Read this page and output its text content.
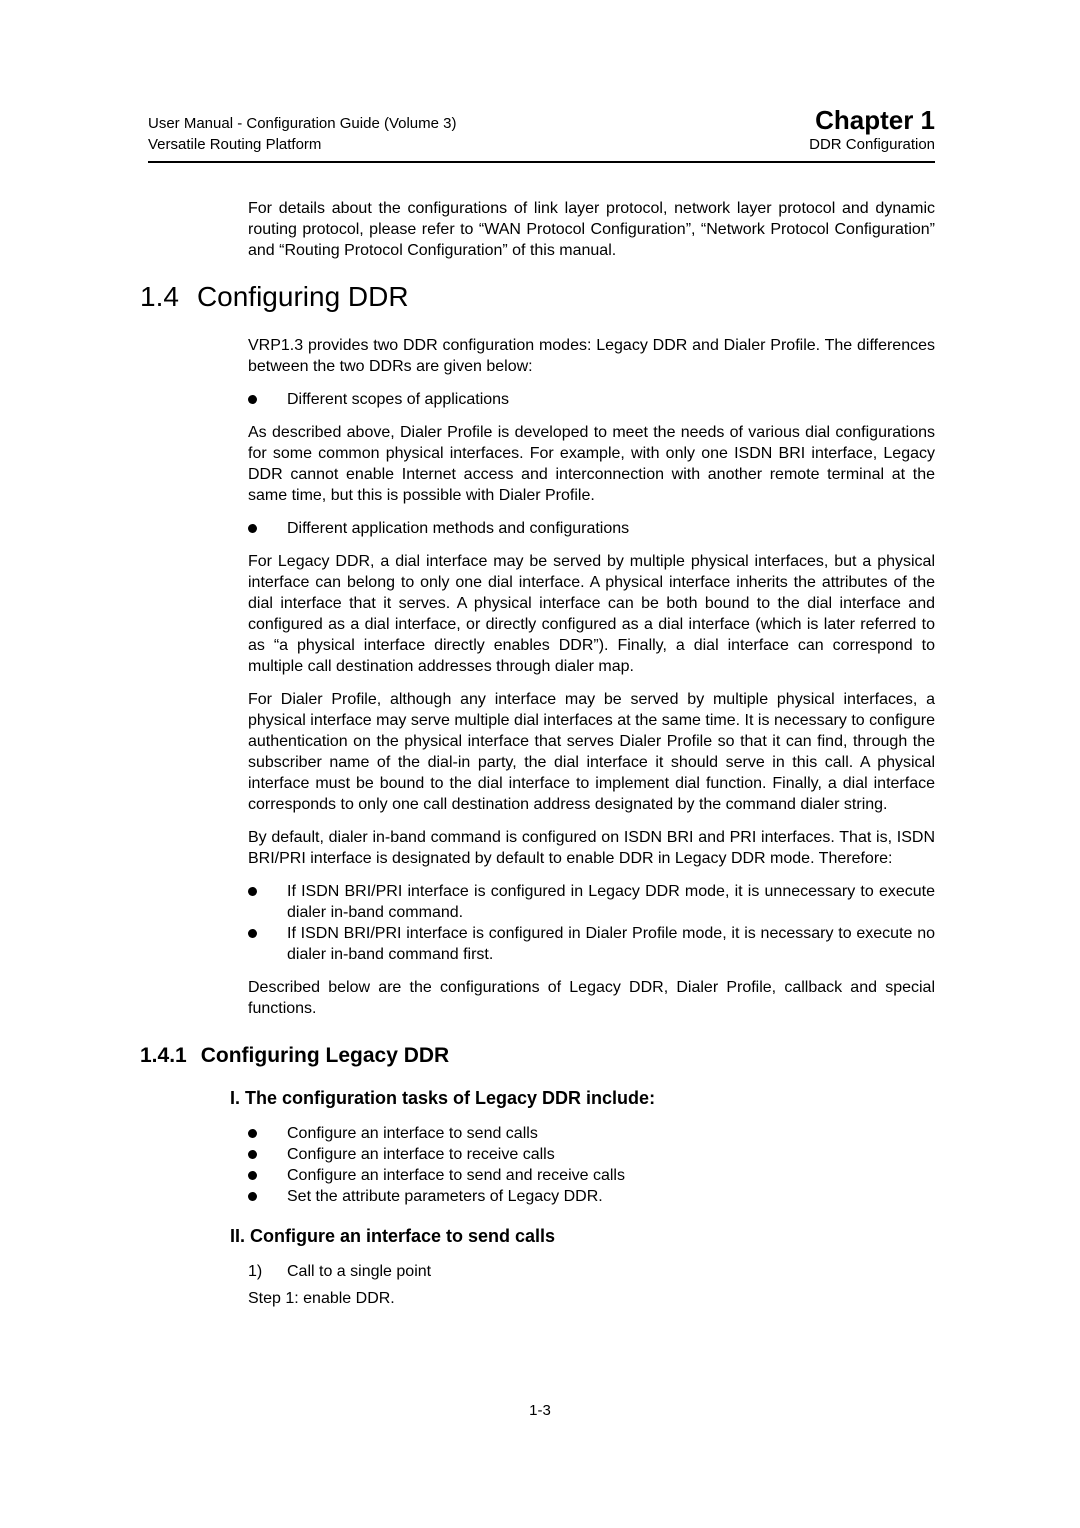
User Manual - Configuration Guide (Volume 3)
Versatile Routing Platform
Chapter 1
DDR Configuration

For details about the configurations of link layer protocol, network layer protocol and dynamic routing protocol, please refer to “WAN Protocol Configuration”, “Network Protocol Configuration” and “Routing Protocol Configuration” of this manual.

1.4 Configuring DDR

VRP1.3 provides two DDR configuration modes: Legacy DDR and Dialer Profile. The differences between the two DDRs are given below:

Different scopes of applications

As described above, Dialer Profile is developed to meet the needs of various dial configurations for some common physical interfaces. For example, with only one ISDN BRI interface, Legacy DDR cannot enable Internet access and interconnection with another remote terminal at the same time, but this is possible with Dialer Profile.

Different application methods and configurations

For Legacy DDR, a dial interface may be served by multiple physical interfaces, but a physical interface can belong to only one dial interface. A physical interface inherits the attributes of the dial interface that it serves. A physical interface can be both bound to the dial interface and configured as a dial interface, or directly configured as a dial interface (which is later referred to as “a physical interface directly enables DDR”). Finally, a dial interface can correspond to multiple call destination addresses through dialer map.

For Dialer Profile, although any interface may be served by multiple physical interfaces, a physical interface may serve multiple dial interfaces at the same time. It is necessary to configure authentication on the physical interface that serves Dialer Profile so that it can find, through the subscriber name of the dial-in party, the dial interface it should serve in this call. A physical interface must be bound to the dial interface to implement dial function. Finally, a dial interface corresponds to only one call destination address designated by the command dialer string.

By default, dialer in-band command is configured on ISDN BRI and PRI interfaces. That is, ISDN BRI/PRI interface is designated by default to enable DDR in Legacy DDR mode. Therefore:

If ISDN BRI/PRI interface is configured in Legacy DDR mode, it is unnecessary to execute dialer in-band command.
If ISDN BRI/PRI interface is configured in Dialer Profile mode, it is necessary to execute no dialer in-band command first.

Described below are the configurations of Legacy DDR, Dialer Profile, callback and special functions.

1.4.1 Configuring Legacy DDR
I. The configuration tasks of Legacy DDR include:
Configure an interface to send calls
Configure an interface to receive calls
Configure an interface to send and receive calls
Set the attribute parameters of Legacy DDR.
II. Configure an interface to send calls
1)	Call to a single point

Step 1: enable DDR.

1-3
